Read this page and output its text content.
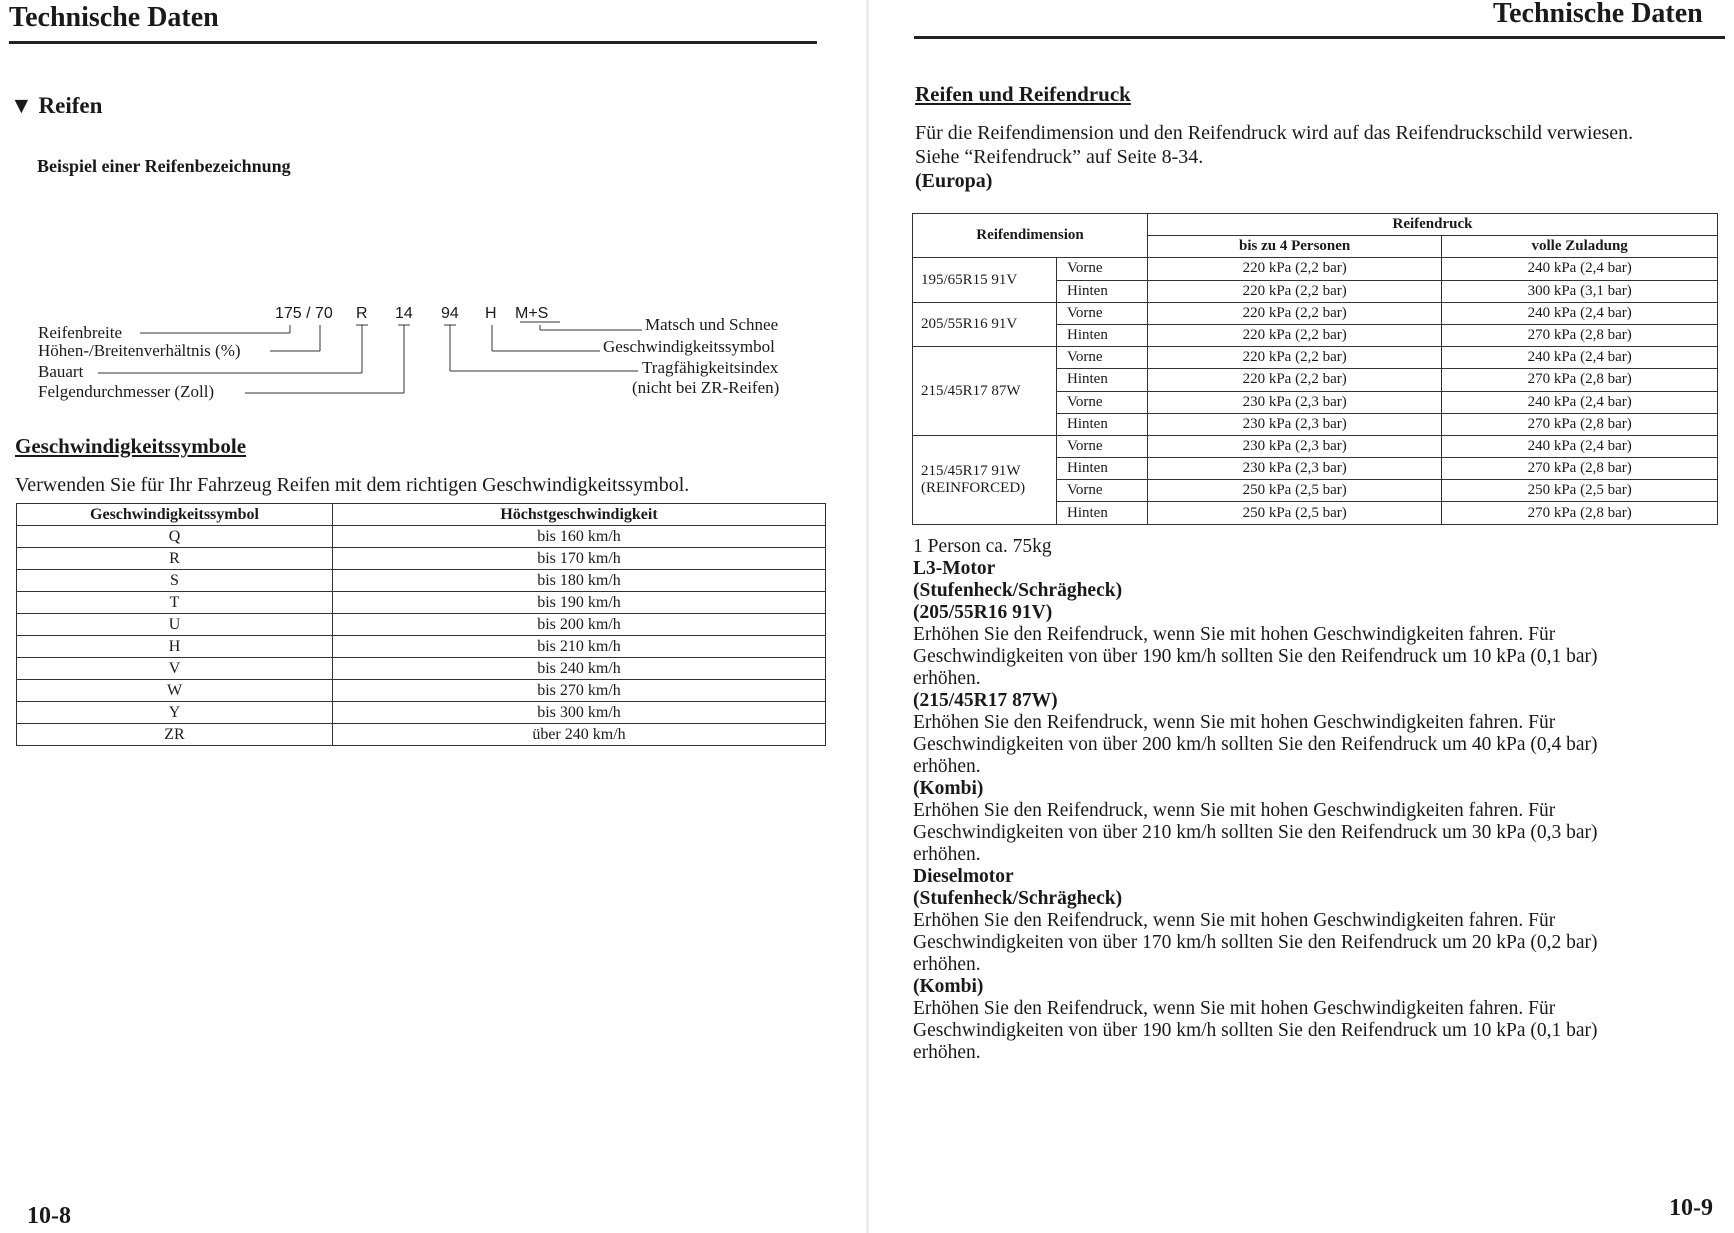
Technische Daten
▼ Reifen
Beispiel einer Reifenbezeichnung
175 / 70 R 14 94 H M+S
Reifenbreite
Höhen-/Breitenverhältnis (%)
Bauart
Felgendurchmesser (Zoll)
Matsch und Schnee
Geschwindigkeitssymbol
Tragfähigkeitsindex
(nicht bei ZR-Reifen)
Geschwindigkeitssymbole
Verwenden Sie für Ihr Fahrzeug Reifen mit dem richtigen Geschwindigkeitssymbol.
Geschwindigkeitssymbol	Höchstgeschwindigkeit
Q	bis 160 km/h
R	bis 170 km/h
S	bis 180 km/h
T	bis 190 km/h
U	bis 200 km/h
H	bis 210 km/h
V	bis 240 km/h
W	bis 270 km/h
Y	bis 300 km/h
ZR	über 240 km/h
10-8
Technische Daten
Reifen und Reifendruck
Für die Reifendimension und den Reifendruck wird auf das Reifendruckschild verwiesen.
Siehe “Reifendruck” auf Seite 8-34.
(Europa)
Reifendimension		Reifendruck	
		bis zu 4 Personen	volle Zuladung

195/65R15 91V	Vorne	220 kPa (2,2 bar)	240 kPa (2,4 bar)
	Hinten	220 kPa (2,2 bar)	300 kPa (3,1 bar)

205/55R16 91V	Vorne	220 kPa (2,2 bar)	240 kPa (2,4 bar)
	Hinten	220 kPa (2,2 bar)	270 kPa (2,8 bar)

215/45R17 87W	Vorne	220 kPa (2,2 bar)	240 kPa (2,4 bar)
	Hinten	220 kPa (2,2 bar)	270 kPa (2,8 bar)
	Vorne	230 kPa (2,3 bar)	240 kPa (2,4 bar)
	Hinten	230 kPa (2,3 bar)	270 kPa (2,8 bar)

215/45R17 91W
(REINFORCED)	Vorne	230 kPa (2,3 bar)	240 kPa (2,4 bar)
	Hinten	230 kPa (2,3 bar)	270 kPa (2,8 bar)
	Vorne	250 kPa (2,5 bar)	250 kPa (2,5 bar)
	Hinten	250 kPa (2,5 bar)	270 kPa (2,8 bar)
1 Person ca. 75kg
L3-Motor
(Stufenheck/Schrägheck)
(205/55R16 91V)
Erhöhen Sie den Reifendruck, wenn Sie mit hohen Geschwindigkeiten fahren. Für
Geschwindigkeiten von über 190 km/h sollten Sie den Reifendruck um 10 kPa (0,1 bar)
erhöhen.
(215/45R17 87W)
Erhöhen Sie den Reifendruck, wenn Sie mit hohen Geschwindigkeiten fahren. Für
Geschwindigkeiten von über 200 km/h sollten Sie den Reifendruck um 40 kPa (0,4 bar)
erhöhen.
(Kombi)
Erhöhen Sie den Reifendruck, wenn Sie mit hohen Geschwindigkeiten fahren. Für
Geschwindigkeiten von über 210 km/h sollten Sie den Reifendruck um 30 kPa (0,3 bar)
erhöhen.
Dieselmotor
(Stufenheck/Schrägheck)
Erhöhen Sie den Reifendruck, wenn Sie mit hohen Geschwindigkeiten fahren. Für
Geschwindigkeiten von über 170 km/h sollten Sie den Reifendruck um 20 kPa (0,2 bar)
erhöhen.
(Kombi)
Erhöhen Sie den Reifendruck, wenn Sie mit hohen Geschwindigkeiten fahren. Für
Geschwindigkeiten von über 190 km/h sollten Sie den Reifendruck um 10 kPa (0,1 bar)
erhöhen.
10-9
